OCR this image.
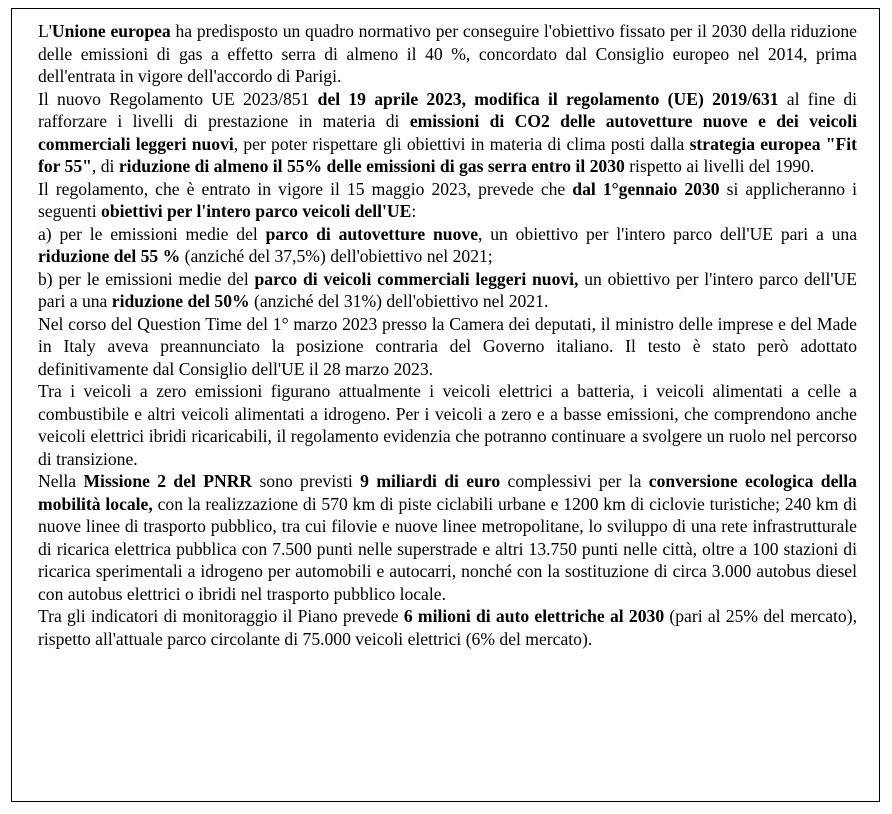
L'Unione europea ha predisposto un quadro normativo per conseguire l'obiettivo fissato per il 2030 della riduzione delle emissioni di gas a effetto serra di almeno il 40 %, concordato dal Consiglio europeo nel 2014, prima dell'entrata in vigore dell'accordo di Parigi.

Il nuovo Regolamento UE 2023/851 del 19 aprile 2023, modifica il regolamento (UE) 2019/631 al fine di rafforzare i livelli di prestazione in materia di emissioni di CO2 delle autovetture nuove e dei veicoli commerciali leggeri nuovi, per poter rispettare gli obiettivi in materia di clima posti dalla strategia europea "Fit for 55", di riduzione di almeno il 55% delle emissioni di gas serra entro il 2030 rispetto ai livelli del 1990.

Il regolamento, che è entrato in vigore il 15 maggio 2023, prevede che dal 1°gennaio 2030 si applicheranno i seguenti obiettivi per l'intero parco veicoli dell'UE:

a) per le emissioni medie del parco di autovetture nuove, un obiettivo per l'intero parco dell'UE pari a una riduzione del 55 % (anziché del 37,5%) dell'obiettivo nel 2021;

b) per le emissioni medie del parco di veicoli commerciali leggeri nuovi, un obiettivo per l'intero parco dell'UE pari a una riduzione del 50% (anziché del 31%) dell'obiettivo nel 2021.

Nel corso del Question Time del 1° marzo 2023 presso la Camera dei deputati, il ministro delle imprese e del Made in Italy aveva preannunciato la posizione contraria del Governo italiano. Il testo è stato però adottato definitivamente dal Consiglio dell'UE il 28 marzo 2023.

Tra i veicoli a zero emissioni figurano attualmente i veicoli elettrici a batteria, i veicoli alimentati a celle a combustibile e altri veicoli alimentati a idrogeno. Per i veicoli a zero e a basse emissioni, che comprendono anche veicoli elettrici ibridi ricaricabili, il regolamento evidenzia che potranno continuare a svolgere un ruolo nel percorso di transizione.

Nella Missione 2 del PNRR sono previsti 9 miliardi di euro complessivi per la conversione ecologica della mobilità locale, con la realizzazione di 570 km di piste ciclabili urbane e 1200 km di ciclovie turistiche; 240 km di nuove linee di trasporto pubblico, tra cui filovie e nuove linee metropolitane, lo sviluppo di una rete infrastrutturale di ricarica elettrica pubblica con 7.500 punti nelle superstrade e altri 13.750 punti nelle città, oltre a 100 stazioni di ricarica sperimentali a idrogeno per automobili e autocarri, nonché con la sostituzione di circa 3.000 autobus diesel con autobus elettrici o ibridi nel trasporto pubblico locale.

Tra gli indicatori di monitoraggio il Piano prevede 6 milioni di auto elettriche al 2030 (pari al 25% del mercato), rispetto all'attuale parco circolante di 75.000 veicoli elettrici (6% del mercato).
